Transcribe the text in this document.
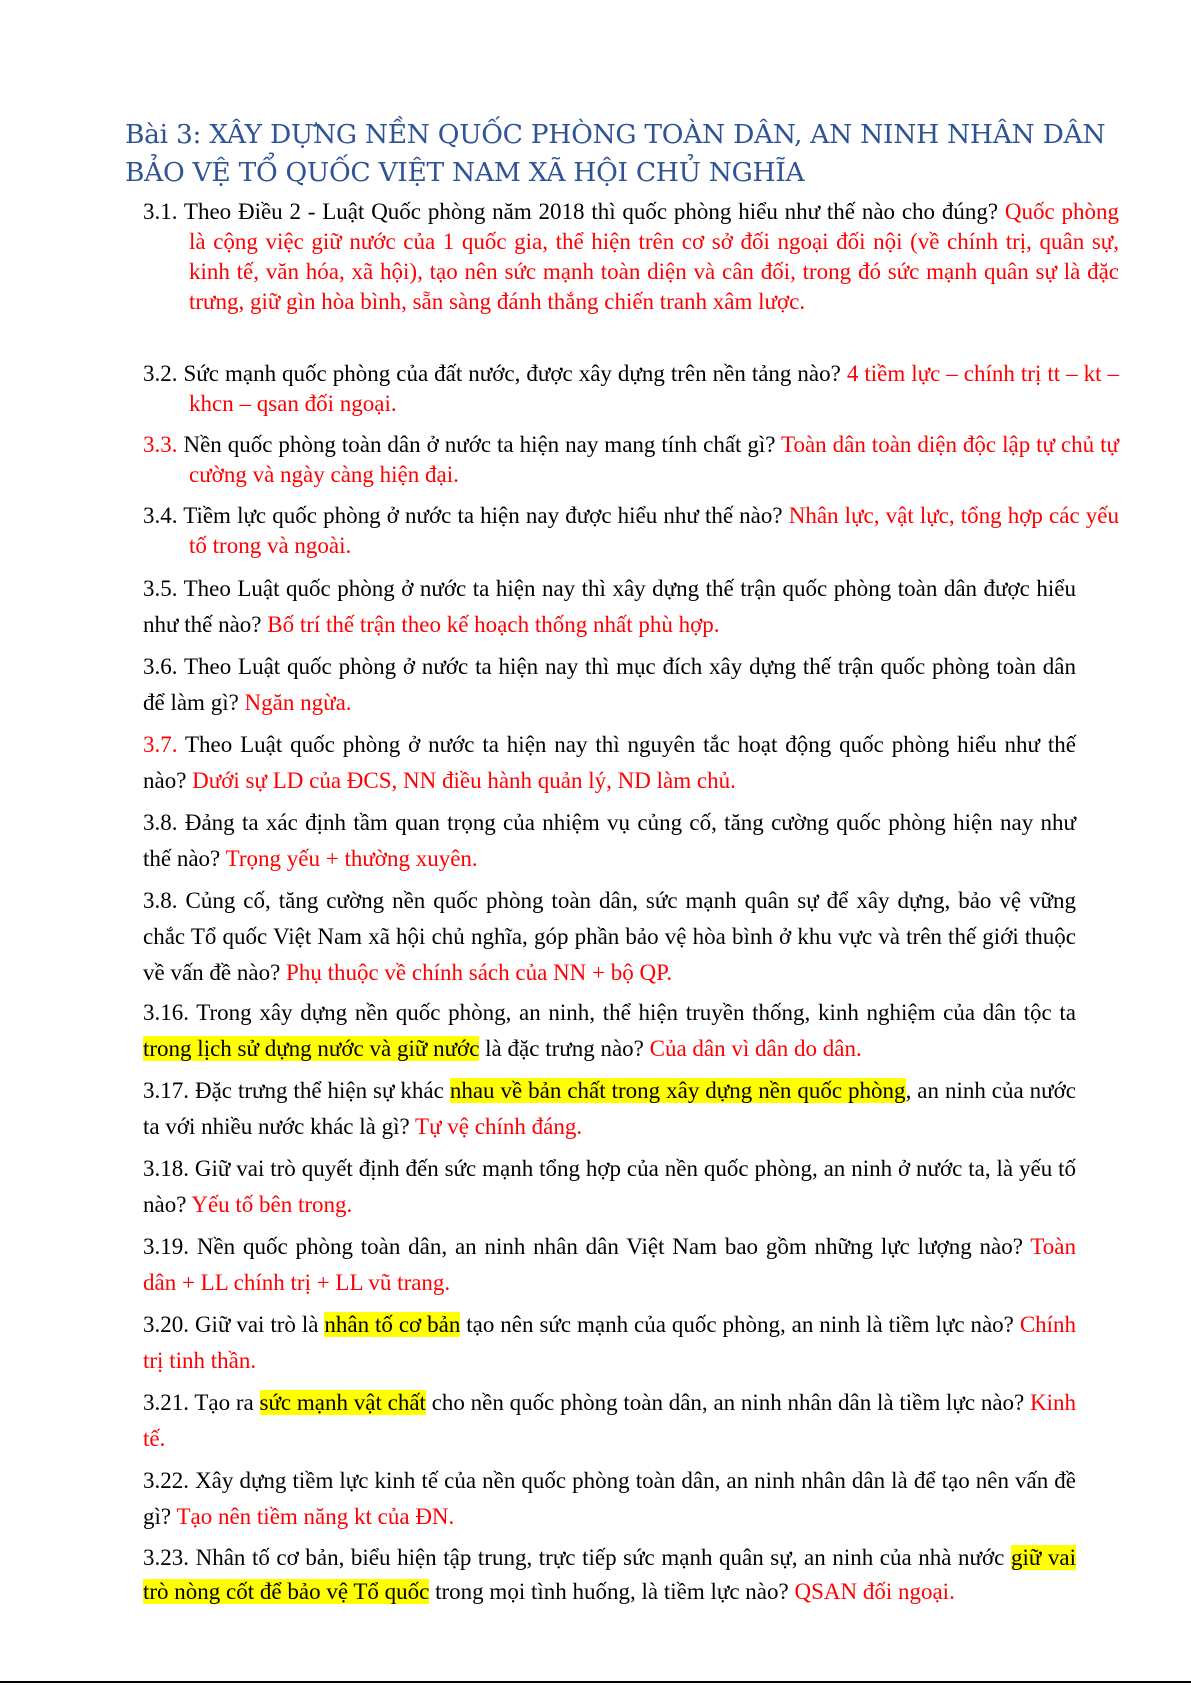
Bài 3: XÂY DỰNG NỀN QUỐC PHÒNG TOÀN DÂN, AN NINH NHÂN DÂN BẢO VỆ TỔ QUỐC VIỆT NAM XÃ HỘI CHỦ NGHĨA
3.1. Theo Điều 2 - Luật Quốc phòng năm 2018 thì quốc phòng hiểu như thế nào cho đúng? Quốc phòng là cộng việc giữ nước của 1 quốc gia, thể hiện trên cơ sở đối ngoại đối nội (về chính trị, quân sự, kinh tế, văn hóa, xã hội), tạo nên sức mạnh toàn diện và cân đối, trong đó sức mạnh quân sự là đặc trưng, giữ gìn hòa bình, sẵn sàng đánh thắng chiến tranh xâm lược.
3.2. Sức mạnh quốc phòng của đất nước, được xây dựng trên nền tảng nào? 4 tiềm lực – chính trị tt – kt – khcn – qsan đối ngoại.
3.3. Nền quốc phòng toàn dân ở nước ta hiện nay mang tính chất gì? Toàn dân toàn diện độc lập tự chủ tự cường và ngày càng hiện đại.
3.4. Tiềm lực quốc phòng ở nước ta hiện nay được hiểu như thế nào? Nhân lực, vật lực, tổng hợp các yếu tố trong và ngoài.
3.5. Theo Luật quốc phòng ở nước ta hiện nay thì xây dựng thế trận quốc phòng toàn dân được hiểu như thế nào? Bố trí thế trận theo kế hoạch thống nhất phù hợp.
3.6. Theo Luật quốc phòng ở nước ta hiện nay thì mục đích xây dựng thế trận quốc phòng toàn dân để làm gì? Ngăn ngừa.
3.7. Theo Luật quốc phòng ở nước ta hiện nay thì nguyên tắc hoạt động quốc phòng hiểu như thế nào? Dưới sự LD của ĐCS, NN điều hành quản lý, ND làm chủ.
3.8. Đảng ta xác định tầm quan trọng của nhiệm vụ củng cố, tăng cường quốc phòng hiện nay như thế nào? Trọng yếu + thường xuyên.
3.8. Củng cố, tăng cường nền quốc phòng toàn dân, sức mạnh quân sự để xây dựng, bảo vệ vững chắc Tổ quốc Việt Nam xã hội chủ nghĩa, góp phần bảo vệ hòa bình ở khu vực và trên thế giới thuộc về vấn đề nào? Phụ thuộc về chính sách của NN + bộ QP.
3.16. Trong xây dựng nền quốc phòng, an ninh, thể hiện truyền thống, kinh nghiệm của dân tộc ta trong lịch sử dựng nước và giữ nước là đặc trưng nào? Của dân vì dân do dân.
3.17. Đặc trưng thể hiện sự khác nhau về bản chất trong xây dựng nền quốc phòng, an ninh của nước ta với nhiều nước khác là gì? Tự vệ chính đáng.
3.18. Giữ vai trò quyết định đến sức mạnh tổng hợp của nền quốc phòng, an ninh ở nước ta, là yếu tố nào? Yếu tố bên trong.
3.19. Nền quốc phòng toàn dân, an ninh nhân dân Việt Nam bao gồm những lực lượng nào? Toàn dân + LL chính trị + LL vũ trang.
3.20. Giữ vai trò là nhân tố cơ bản tạo nên sức mạnh của quốc phòng, an ninh là tiềm lực nào? Chính trị tinh thần.
3.21. Tạo ra sức mạnh vật chất cho nền quốc phòng toàn dân, an ninh nhân dân là tiềm lực nào? Kinh tế.
3.22. Xây dựng tiềm lực kinh tế của nền quốc phòng toàn dân, an ninh nhân dân là để tạo nên vấn đề gì? Tạo nên tiềm năng kt của ĐN.
3.23. Nhân tố cơ bản, biểu hiện tập trung, trực tiếp sức mạnh quân sự, an ninh của nhà nước giữ vai trò nòng cốt để bảo vệ Tổ quốc trong mọi tình huống, là tiềm lực nào? QSAN đối ngoại.
